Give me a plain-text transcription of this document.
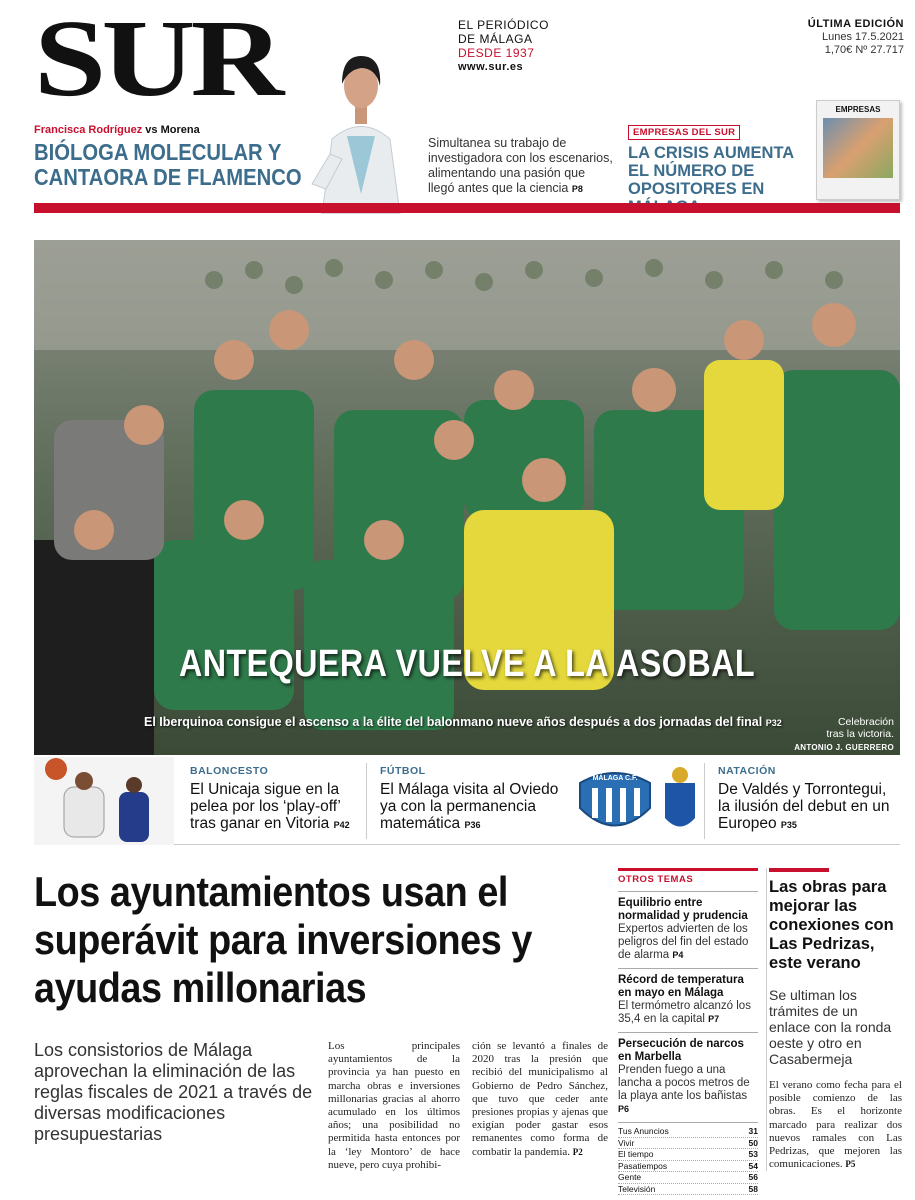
SUR	EL PERIÓDICO
DE MÁLAGA
DESDE 1937
www.sur.es
ÚLTIMA EDICIÓN
Lunes 17.5.2021
1,70€ Nº 27.717
Francisca Rodríguez vs Morena
BIÓLOGA MOLECULAR Y
CANTAORA DE FLAMENCO
Simultanea su trabajo de investigadora con los escenarios, alimentando una pasión que llegó antes que la ciencia P8
EMPRESAS DEL SUR
LA CRISIS AUMENTA EL NÚMERO DE OPOSITORES EN
EMPRESAS
ANTEQUERA VUELVE A LA ASOBAL
El Iberquinoa consigue el ascenso a la élite del balonmano nueve años después a dos jornadas del final P32	Celebración
tras la victoria.
ANTONIO J. GUERRERO
BALONCESTO
El Unicaja sigue en la pelea por los ‘play-off’ tras ganar en Vitoria P42
FÚTBOL
El Málaga visita al Oviedo ya con la permanencia matemática P36
MÁLAGA C.F.
NATACIÓN
De Valdés y Torrontegui, la ilusión del debut en un Europeo P35
Los ayuntamientos usan el superávit para inversiones y ayudas millonarias
Los consistorios de Málaga aprovechan la eliminación de las reglas fiscales de 2021 a través de diversas modificaciones presupuestarias
Los principales ayuntamientos de la provincia ya han puesto en marcha obras e inversiones millonarias gracias al ahorro acumulado en los últimos años; una posibilidad no permitida hasta entonces por la ‘ley Montoro’ de hace nueve, pero cuya prohibi-
ción se levantó a finales de 2020 tras la presión que recibió del municipalismo al Gobierno de Pedro Sánchez, que tuvo que ceder ante presiones propias y ajenas que exigían poder gastar esos remanentes como forma de combatir la pandemia. P2
OTROS TEMAS
Equilibrio entre normalidad y prudencia
Expertos advierten de los peligros del fin del estado de alarma P4
Récord de temperatura en mayo en Málaga
El termómetro alcanzó los 35,4 en la capital P7
Persecución de narcos en Marbella
Prenden fuego a una lancha a pocos metros de la playa ante los bañistas P6
Tus Anuncios	31
Vivir	50
El tiempo	53
Pasatiempos	54
Gente	56
Televisión	58
Las obras para mejorar las conexiones con Las Pedrizas, este verano
Se ultiman los trámites de un enlace con la ronda oeste y otro en Casabermeja
El verano como fecha para el posible comienzo de las obras. Es el horizonte marcado para realizar dos nuevos ramales con Las Pedrizas, que mejoren las comunicaciones. P5
